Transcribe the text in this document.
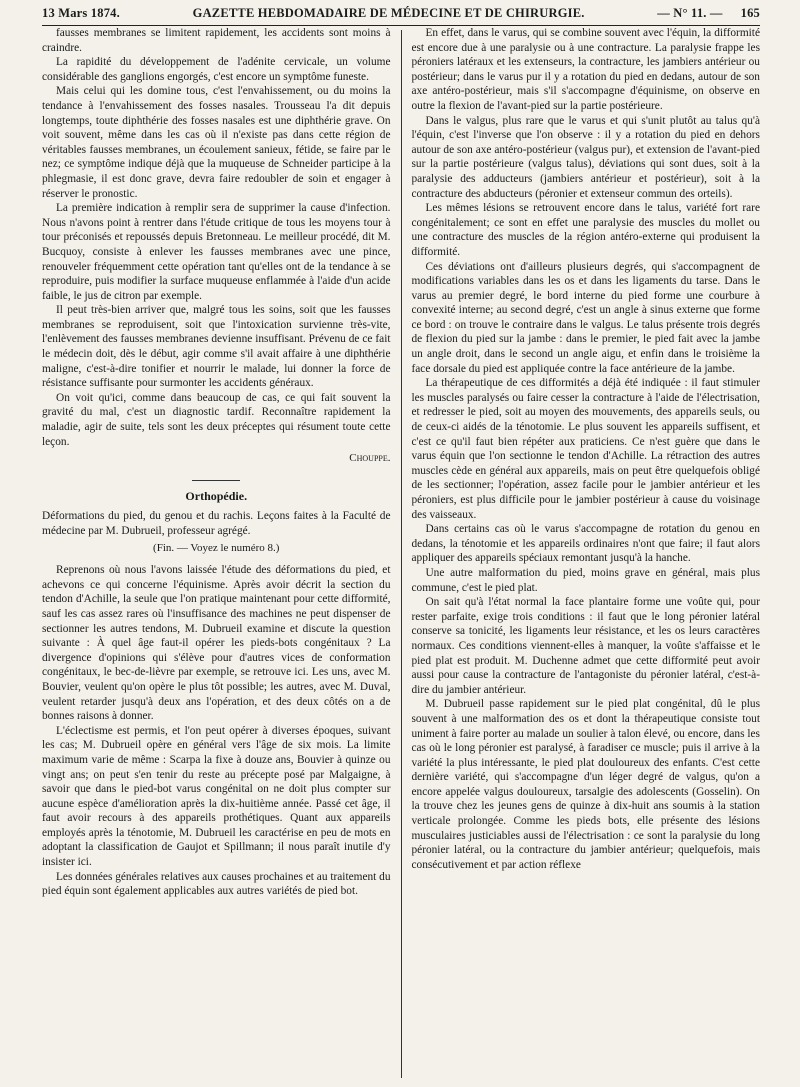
13 Mars 1874.	GAZETTE HEBDOMADAIRE DE MÉDECINE ET DE CHIRURGIE.	— N° 11. — 165

fausses membranes se limitent rapidement, les accidents sont moins à craindre.

La rapidité du développement de l'adénite cervicale, un volume considérable des ganglions engorgés, c'est encore un symptôme funeste.

Mais celui qui les domine tous, c'est l'envahissement, ou du moins la tendance à l'envahissement des fosses nasales. Trousseau l'a dit depuis longtemps, toute diphthérie des fosses nasales est une diphthérie grave. On voit souvent, même dans les cas où il n'existe pas dans cette région de véritables fausses membranes, un écoulement sanieux, fétide, se faire par le nez; ce symptôme indique déjà que la muqueuse de Schneider participe à la phlegmasie, il est donc grave, devra faire redoubler de soin et engager à réserver le pronostic.

La première indication à remplir sera de supprimer la cause d'infection. Nous n'avons point à rentrer dans l'étude critique de tous les moyens tour à tour préconisés et repoussés depuis Bretonneau. Le meilleur procédé, dit M. Bucquoy, consiste à enlever les fausses membranes avec une pince, renouveler fréquemment cette opération tant qu'elles ont de la tendance à se reproduire, puis modifier la surface muqueuse enflammée à l'aide d'un acide faible, le jus de citron par exemple.

Il peut très-bien arriver que, malgré tous les soins, soit que les fausses membranes se reproduisent, soit que l'intoxication survienne très-vite, l'enlèvement des fausses membranes devienne insuffisant. Prévenu de ce fait le médecin doit, dès le début, agir comme s'il avait affaire à une diphthérie maligne, c'est-à-dire tonifier et nourrir le malade, lui donner la force de résistance suffisante pour surmonter les accidents généraux.

On voit qu'ici, comme dans beaucoup de cas, ce qui fait souvent la gravité du mal, c'est un diagnostic tardif. Reconnaître rapidement la maladie, agir de suite, tels sont les deux préceptes qui résument toute cette leçon.

Chouppe.
Orthopédie.

Déformations du pied, du genou et du rachis. Leçons faites à la Faculté de médecine par M. Dubrueil, professeur agrégé.

(Fin. — Voyez le numéro 8.)

Reprenons où nous l'avons laissée l'étude des déformations du pied, et achevons ce qui concerne l'équinisme. Après avoir décrit la section du tendon d'Achille, la seule que l'on pratique maintenant pour cette difformité, sauf les cas assez rares où l'insuffisance des machines ne peut dispenser de sectionner les autres tendons, M. Dubrueil examine et discute la question suivante : À quel âge faut-il opérer les pieds-bots congénitaux ? La divergence d'opinions qui s'élève pour d'autres vices de conformation congénitaux, le bec-de-lièvre par exemple, se retrouve ici. Les uns, avec M. Bouvier, veulent qu'on opère le plus tôt possible; les autres, avec M. Duval, veulent retarder jusqu'à deux ans l'opération, et des deux côtés on a de bonnes raisons à donner.

L'éclectisme est permis, et l'on peut opérer à diverses époques, suivant les cas; M. Dubrueil opère en général vers l'âge de six mois. La limite maximum varie de même : Scarpa la fixe à douze ans, Bouvier à quinze ou vingt ans; on peut s'en tenir du reste au précepte posé par Malgaigne, à savoir que dans le pied-bot varus congénital on ne doit plus compter sur aucune espèce d'amélioration après la dix-huitième année. Passé cet âge, il faut avoir recours à des appareils prothétiques. Quant aux appareils employés après la ténotomie, M. Dubrueil les caractérise en peu de mots en adoptant la classification de Gaujot et Spillmann; il nous paraît inutile d'y insister ici.

Les données générales relatives aux causes prochaines et au traitement du pied équin sont également applicables aux autres variétés de pied bot.

En effet, dans le varus, qui se combine souvent avec l'équin, la difformité est encore due à une paralysie ou à une contracture. La paralysie frappe les péroniers latéraux et les extenseurs, la contracture, les jambiers antérieur ou postérieur; dans le varus pur il y a rotation du pied en dedans, autour de son axe antéro-postérieur, mais s'il s'accompagne d'équinisme, on observe en outre la flexion de l'avant-pied sur la partie postérieure.

Dans le valgus, plus rare que le varus et qui s'unit plutôt au talus qu'à l'équin, c'est l'inverse que l'on observe : il y a rotation du pied en dehors autour de son axe antéro-postérieur (valgus pur), et extension de l'avant-pied sur la partie postérieure (valgus talus), déviations qui sont dues, soit à la paralysie des adducteurs (jambiers antérieur et postérieur), soit à la contracture des abducteurs (péronier et extenseur commun des orteils).

Les mêmes lésions se retrouvent encore dans le talus, variété fort rare congénitalement; ce sont en effet une paralysie des muscles du mollet ou une contracture des muscles de la région antéro-externe qui produisent la difformité.

Ces déviations ont d'ailleurs plusieurs degrés, qui s'accompagnent de modifications variables dans les os et dans les ligaments du tarse. Dans le varus au premier degré, le bord interne du pied forme une courbure à convexité interne; au second degré, c'est un angle à sinus externe que forme ce bord : on trouve le contraire dans le valgus. Le talus présente trois degrés de flexion du pied sur la jambe : dans le premier, le pied fait avec la jambe un angle droit, dans le second un angle aigu, et enfin dans le troisième la face dorsale du pied est appliquée contre la face antérieure de la jambe.

La thérapeutique de ces difformités a déjà été indiquée : il faut stimuler les muscles paralysés ou faire cesser la contracture à l'aide de l'électrisation, et redresser le pied, soit au moyen des mouvements, des appareils seuls, ou de ceux-ci aidés de la ténotomie. Le plus souvent les appareils suffisent, et c'est ce qu'il faut bien répéter aux praticiens. Ce n'est guère que dans le varus équin que l'on sectionne le tendon d'Achille. La rétraction des autres muscles cède en général aux appareils, mais on peut être quelquefois obligé de les sectionner; l'opération, assez facile pour le jambier antérieur et les péroniers, est plus difficile pour le jambier postérieur à cause du voisinage des vaisseaux.

Dans certains cas où le varus s'accompagne de rotation du genou en dedans, la ténotomie et les appareils ordinaires n'ont que faire; il faut alors appliquer des appareils spéciaux remontant jusqu'à la hanche.

Une autre malformation du pied, moins grave en général, mais plus commune, c'est le pied plat.

On sait qu'à l'état normal la face plantaire forme une voûte qui, pour rester parfaite, exige trois conditions : il faut que le long péronier latéral conserve sa tonicité, les ligaments leur résistance, et les os leurs caractères normaux. Ces conditions viennent-elles à manquer, la voûte s'affaisse et le pied plat est produit. M. Duchenne admet que cette difformité peut avoir aussi pour cause la contracture de l'antagoniste du péronier latéral, c'est-à-dire du jambier antérieur.

M. Dubrueil passe rapidement sur le pied plat congénital, dû le plus souvent à une malformation des os et dont la thérapeutique consiste tout uniment à faire porter au malade un soulier à talon élevé, ou encore, dans les cas où le long péronier est paralysé, à faradiser ce muscle; puis il arrive à la variété la plus intéressante, le pied plat douloureux des enfants. C'est cette dernière variété, qui s'accompagne d'un léger degré de valgus, qu'on a encore appelée valgus douloureux, tarsalgie des adolescents (Gosselin). On la trouve chez les jeunes gens de quinze à dix-huit ans soumis à la station verticale prolongée. Comme les pieds bots, elle présente des lésions musculaires justiciables aussi de l'électrisation : ce sont la paralysie du long péronier latéral, ou la contracture du jambier antérieur; quelquefois, mais consécutivement et par action réflexe
